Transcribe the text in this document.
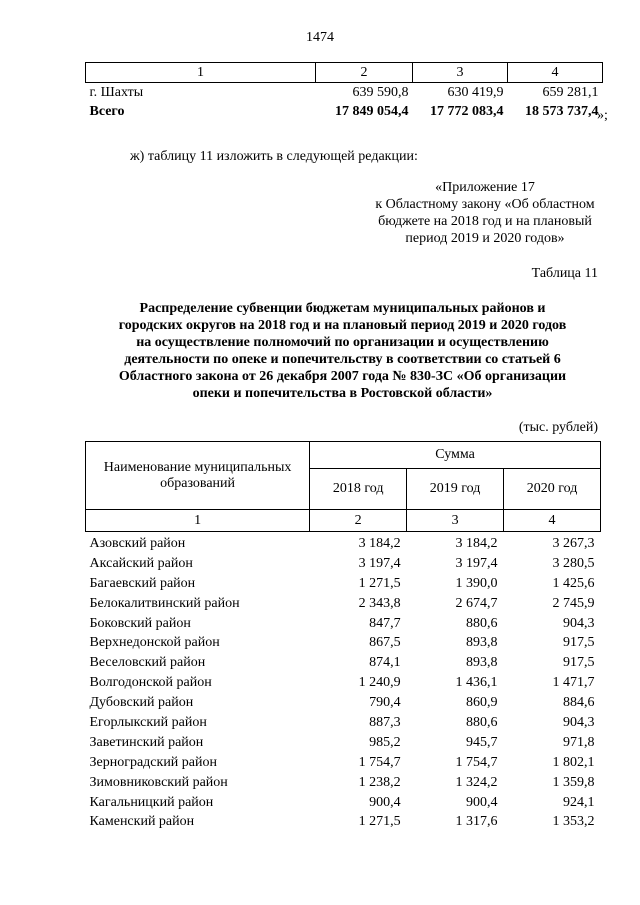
1474
1	2	3	4
г. Шахты	639 590,8	630 419,9	659 281,1
Всего	17 849 054,4	17 772 083,4	18 573 737,4
»;
ж) таблицу 11 изложить в следующей редакции:
«Приложение 17
к Областному закону «Об областном
бюджете на 2018 год и на плановый
период 2019 и 2020 годов»
Таблица 11
Распределение субвенции бюджетам муниципальных районов и
городских округов на 2018 год и на плановый период 2019 и 2020 годов
на осуществление полномочий по организации и осуществлению
деятельности по опеке и попечительству в соответствии со статьей 6
Областного закона от 26 декабря 2007 года № 830-ЗС «Об организации
опеки и попечительства в Ростовской области»
(тыс. рублей)
Наименование муниципальных образований	Сумма		
	2018 год	2019 год	2020 год
1	2	3	4
Азовский район	3 184,2	3 184,2	3 267,3
Аксайский район	3 197,4	3 197,4	3 280,5
Багаевский район	1 271,5	1 390,0	1 425,6
Белокалитвинский район	2 343,8	2 674,7	2 745,9
Боковский район	847,7	880,6	904,3
Верхнедонской район	867,5	893,8	917,5
Веселовский район	874,1	893,8	917,5
Волгодонской район	1 240,9	1 436,1	1 471,7
Дубовский район	790,4	860,9	884,6
Егорлыкский район	887,3	880,6	904,3
Заветинский район	985,2	945,7	971,8
Зерноградский район	1 754,7	1 754,7	1 802,1
Зимовниковский район	1 238,2	1 324,2	1 359,8
Кагальницкий район	900,4	900,4	924,1
Каменский район	1 271,5	1 317,6	1 353,2
